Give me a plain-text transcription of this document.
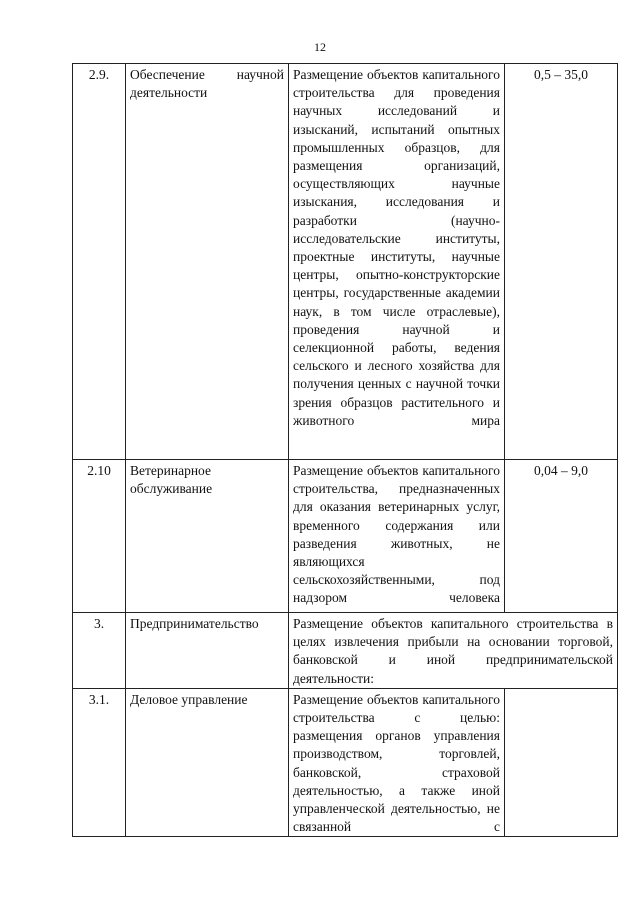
12
2.9.	Обеспечение научной деятельности	Размещение объектов капитального строительства для проведения научных исследований и изысканий, испытаний опытных промышленных образцов, для размещения организаций, осуществляющих научные изыскания, исследования и разработки (научно-исследовательские институты, проектные институты, научные центры, опытно-конструкторские центры, государственные академии наук, в том числе отраслевые), проведения научной и селекционной работы, ведения сельского и лесного хозяйства для получения ценных с научной точки зрения образцов растительного и животного мира	0,5 – 35,0
2.10	Ветеринарное обслуживание	Размещение объектов капитального строительства, предназначенных для оказания ветеринарных услуг, временного содержания или разведения животных, не являющихся сельскохозяйственными, под надзором человека	0,04 – 9,0
3.	Предпринимательство	Размещение объектов капитального строительства в целях извлечения прибыли на основании торговой, банковской и иной предпринимательской деятельности:	
3.1.	Деловое управление	Размещение объектов капитального строительства с целью: размещения органов управления производством, торговлей, банковской, страховой деятельностью, а также иной управленческой деятельностью, не связанной с	
